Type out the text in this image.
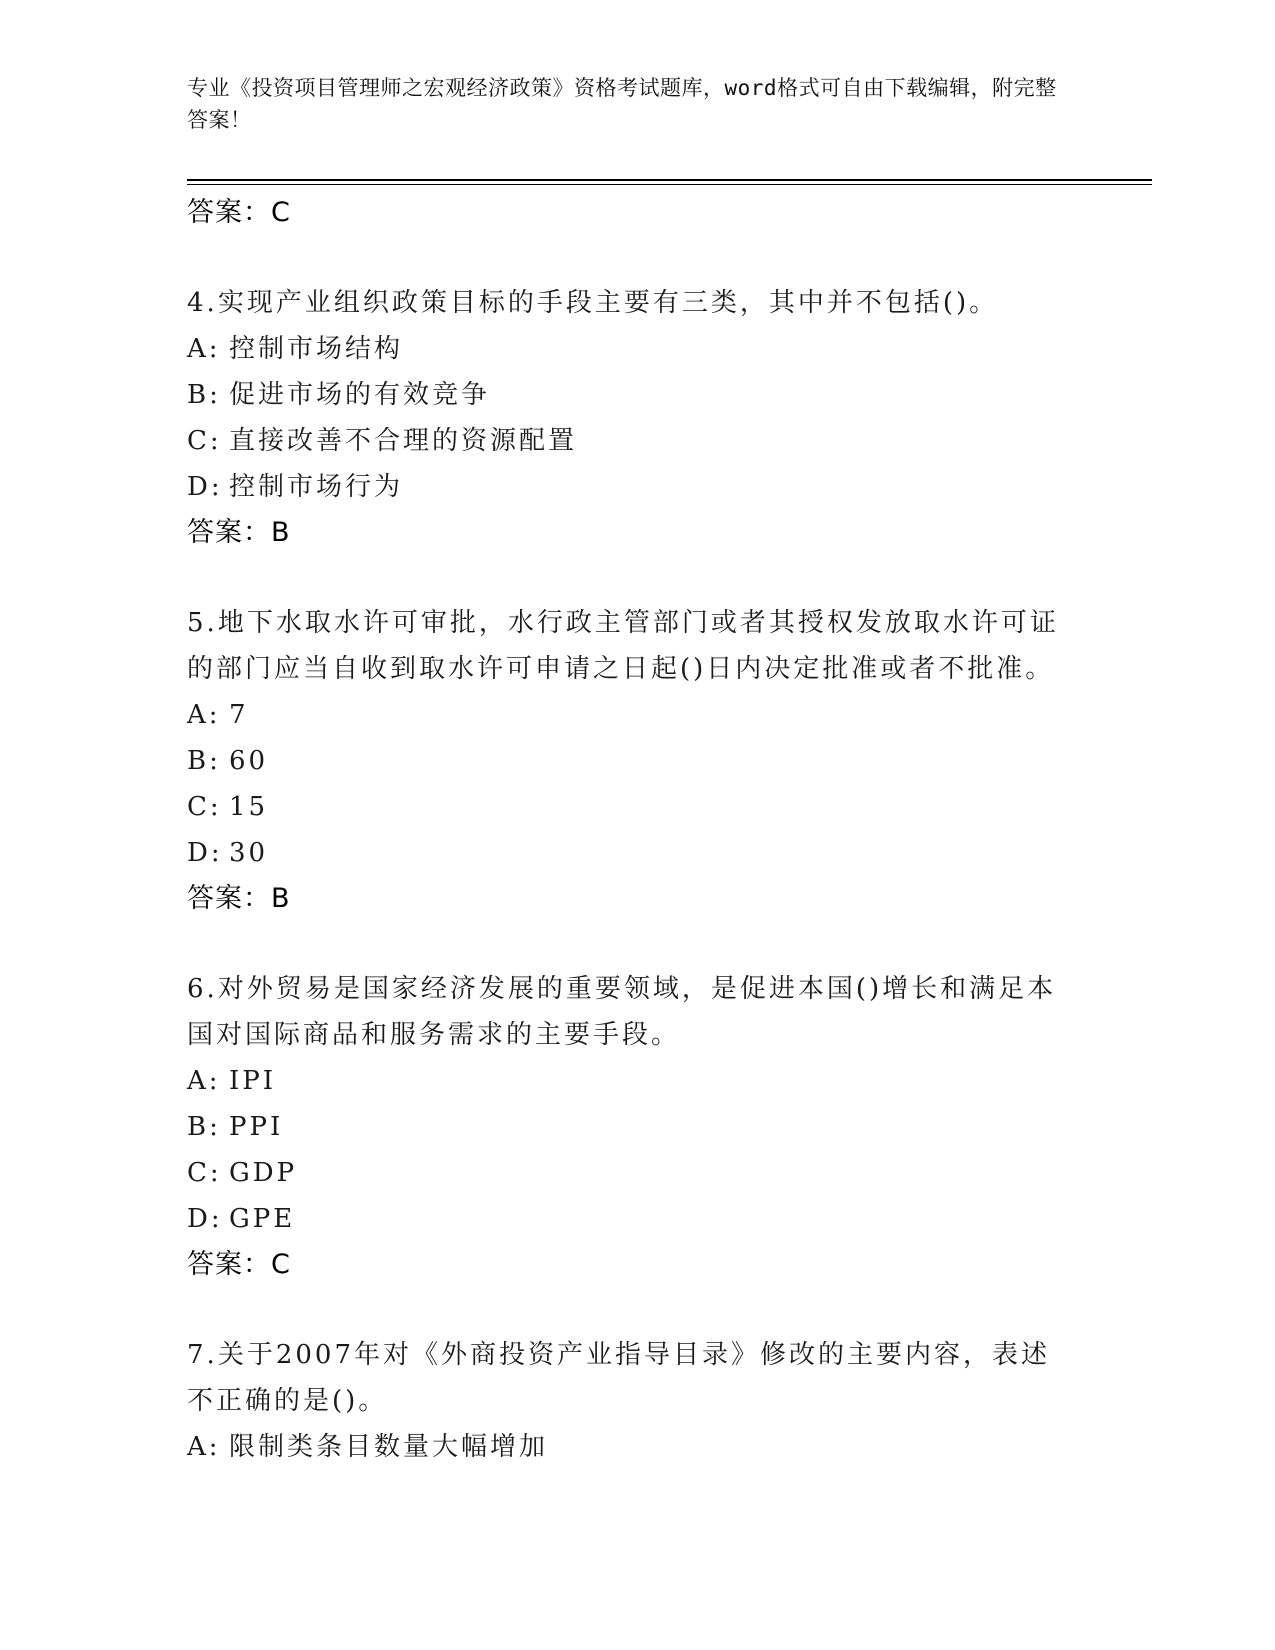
专业《投资项目管理师之宏观经济政策》资格考试题库，word格式可自由下载编辑，附完整答案！
答案：C
4.实现产业组织政策目标的手段主要有三类，其中并不包括()。
A: 控制市场结构
B: 促进市场的有效竞争
C: 直接改善不合理的资源配置
D: 控制市场行为
答案：B
5.地下水取水许可审批，水行政主管部门或者其授权发放取水许可证的部门应当自收到取水许可申请之日起()日内决定批准或者不批准。
A: 7
B: 60
C: 15
D: 30
答案：B
6.对外贸易是国家经济发展的重要领域，是促进本国()增长和满足本国对国际商品和服务需求的主要手段。
A: IPI
B: PPI
C: GDP
D: GPE
答案：C
7.关于2007年对《外商投资产业指导目录》修改的主要内容，表述不正确的是()。
A: 限制类条目数量大幅增加
